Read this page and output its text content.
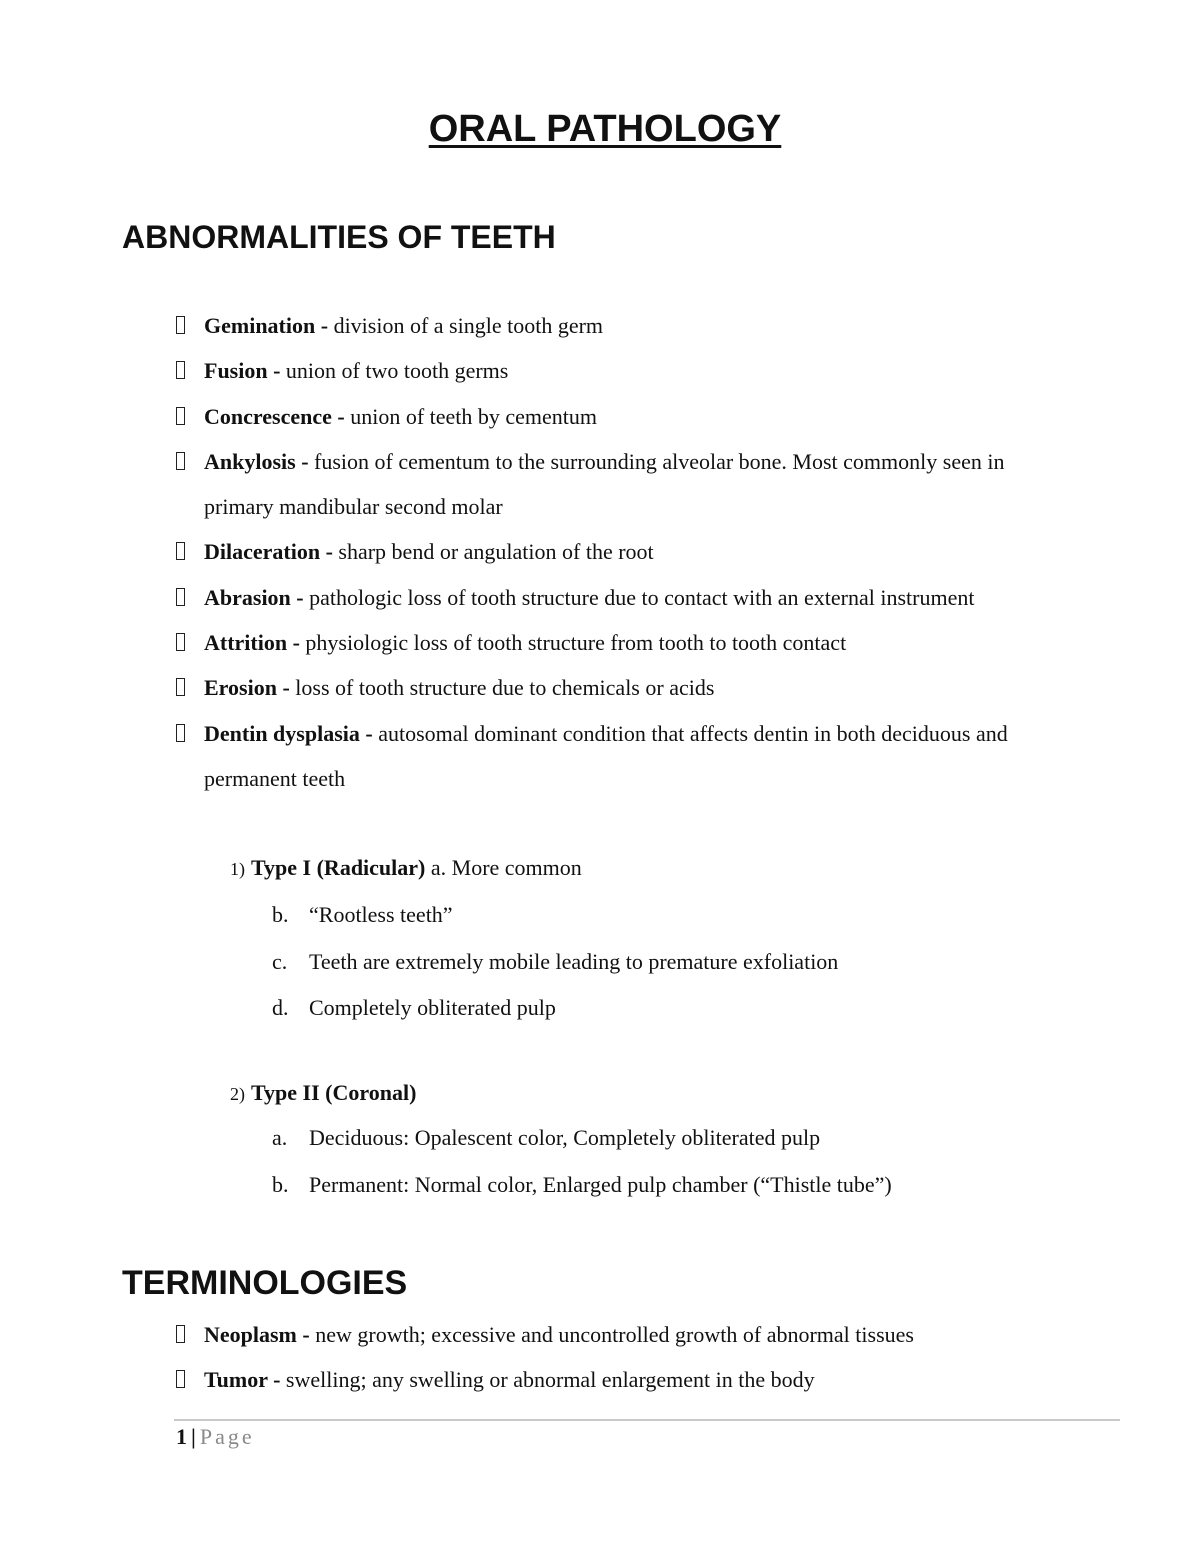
ORAL PATHOLOGY
ABNORMALITIES OF TEETH
Gemination - division of a single tooth germ
Fusion - union of two tooth germs
Concrescence - union of teeth by cementum
Ankylosis - fusion of cementum to the surrounding alveolar bone. Most commonly seen in primary mandibular second molar
Dilaceration - sharp bend or angulation of the root
Abrasion - pathologic loss of tooth structure due to contact with an external instrument
Attrition - physiologic loss of tooth structure from tooth to tooth contact
Erosion - loss of tooth structure due to chemicals or acids
Dentin dysplasia - autosomal dominant condition that affects dentin in both deciduous and permanent teeth
1) Type I (Radicular) a. More common
b. “Rootless teeth”
c. Teeth are extremely mobile leading to premature exfoliation
d. Completely obliterated pulp
2) Type II (Coronal)
a. Deciduous: Opalescent color, Completely obliterated pulp
b. Permanent: Normal color, Enlarged pulp chamber (“Thistle tube”)
TERMINOLOGIES
Neoplasm - new growth; excessive and uncontrolled growth of abnormal tissues
Tumor - swelling; any swelling or abnormal enlargement in the body
1 | Page
